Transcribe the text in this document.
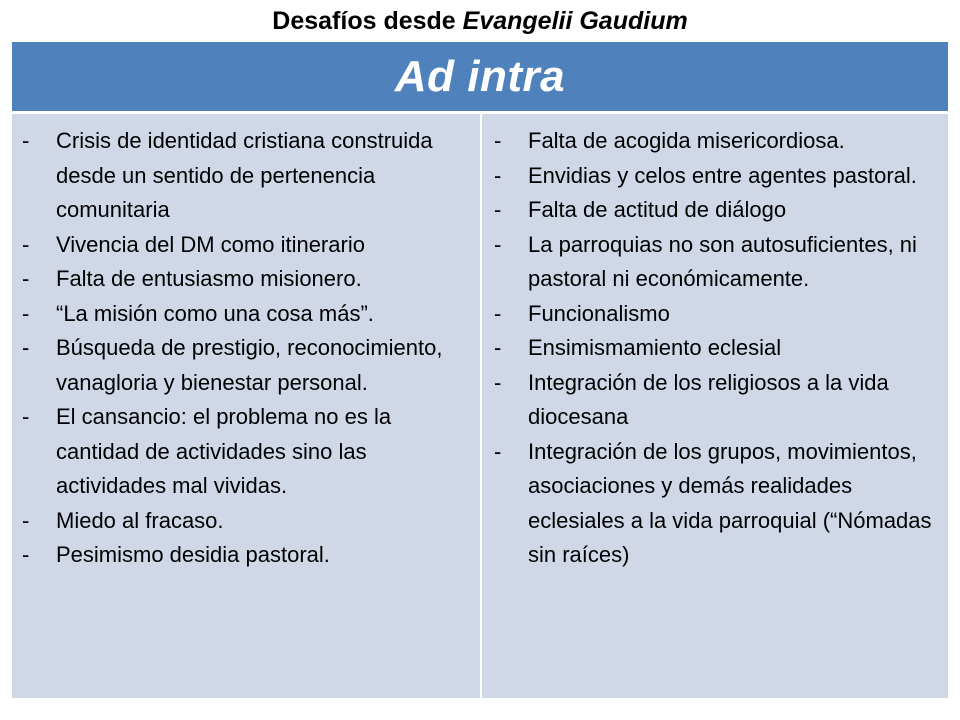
Desafíos desde Evangelii Gaudium
Ad intra
-	Crisis de identidad cristiana construida desde un sentido de pertenencia comunitaria
-	Vivencia del DM como itinerario
-	Falta de entusiasmo misionero.
-	“La misión como una cosa más”.
-	Búsqueda de prestigio, reconocimiento, vanagloria y bienestar personal.
-	El cansancio: el problema no es la cantidad de actividades sino las actividades mal vividas.
-	Miedo al fracaso.
-	Pesimismo desidia pastoral.
-	Falta de acogida misericordiosa.
-	Envidias y celos entre agentes pastoral.
-	Falta de actitud de diálogo
-	La parroquias no son autosuficientes, ni pastoral ni económicamente.
-	Funcionalismo
-	Ensimismamiento eclesial
-	Integración de los religiosos a la vida diocesana
-	Integración de los grupos, movimientos, asociaciones y demás realidades eclesiales a la vida parroquial (“Nómadas sin raíces)
